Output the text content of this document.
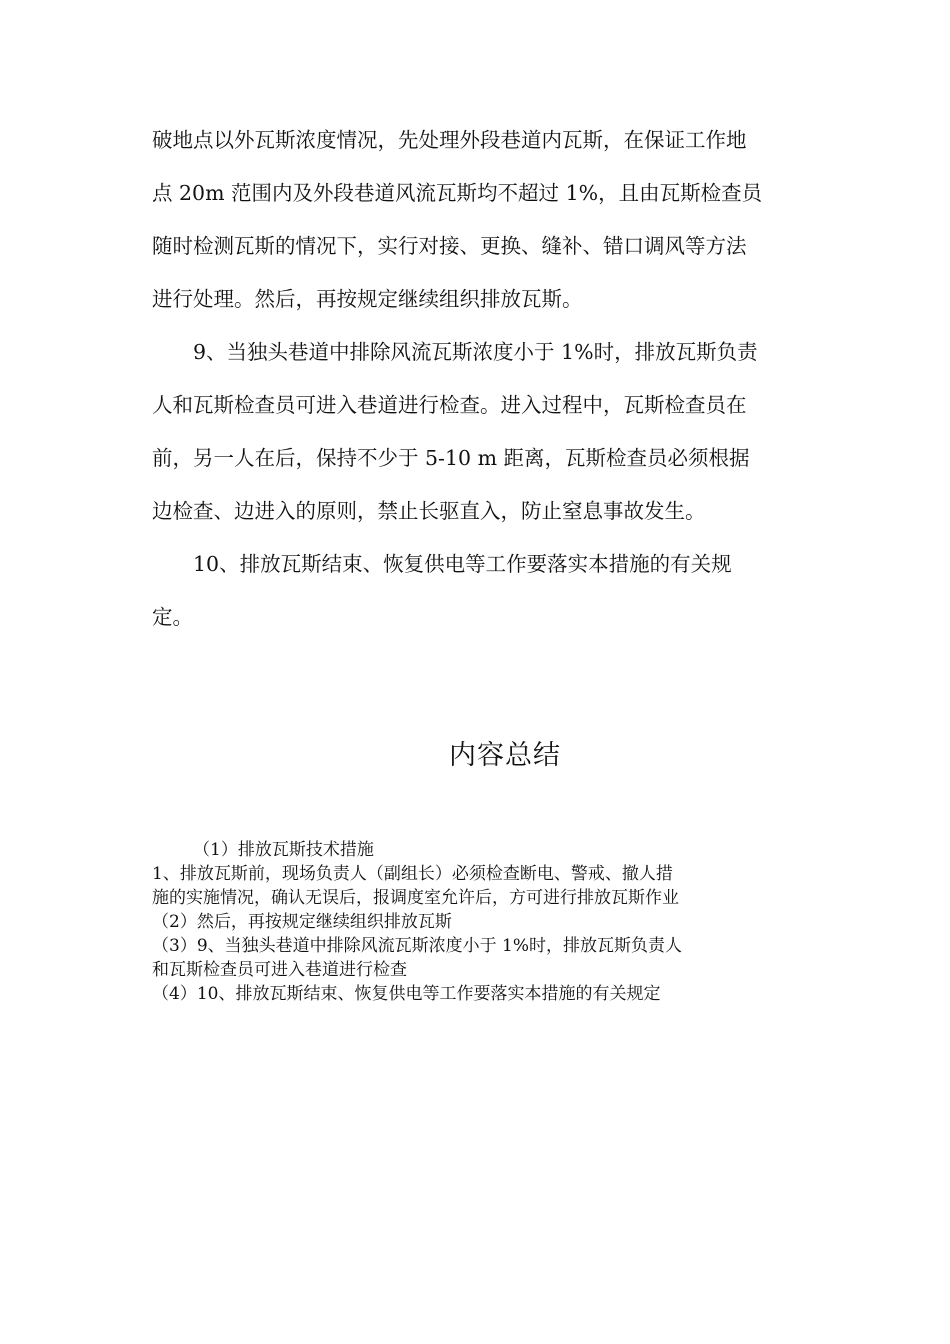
破地点以外瓦斯浓度情况，先处理外段巷道内瓦斯，在保证工作地
点 20m 范围内及外段巷道风流瓦斯均不超过 1%，且由瓦斯检查员
随时检测瓦斯的情况下，实行对接、更换、缝补、错口调风等方法
进行处理。然后，再按规定继续组织排放瓦斯。

9、当独头巷道中排除风流瓦斯浓度小于 1%时，排放瓦斯负责
人和瓦斯检查员可进入巷道进行检查。进入过程中，瓦斯检查员在
前，另一人在后，保持不少于 5-10 m 距离，瓦斯检查员必须根据
边检查、边进入的原则，禁止长驱直入，防止窒息事故发生。

10、排放瓦斯结束、恢复供电等工作要落实本措施的有关规
定。

内容总结

（1）排放瓦斯技术措施

1、排放瓦斯前，现场负责人（副组长）必须检查断电、警戒、撤人措

施的实施情况，确认无误后，报调度室允许后，方可进行排放瓦斯作业

（2）然后，再按规定继续组织排放瓦斯

（3）9、当独头巷道中排除风流瓦斯浓度小于 1%时，排放瓦斯负责人

和瓦斯检查员可进入巷道进行检查

（4）10、排放瓦斯结束、恢复供电等工作要落实本措施的有关规定
